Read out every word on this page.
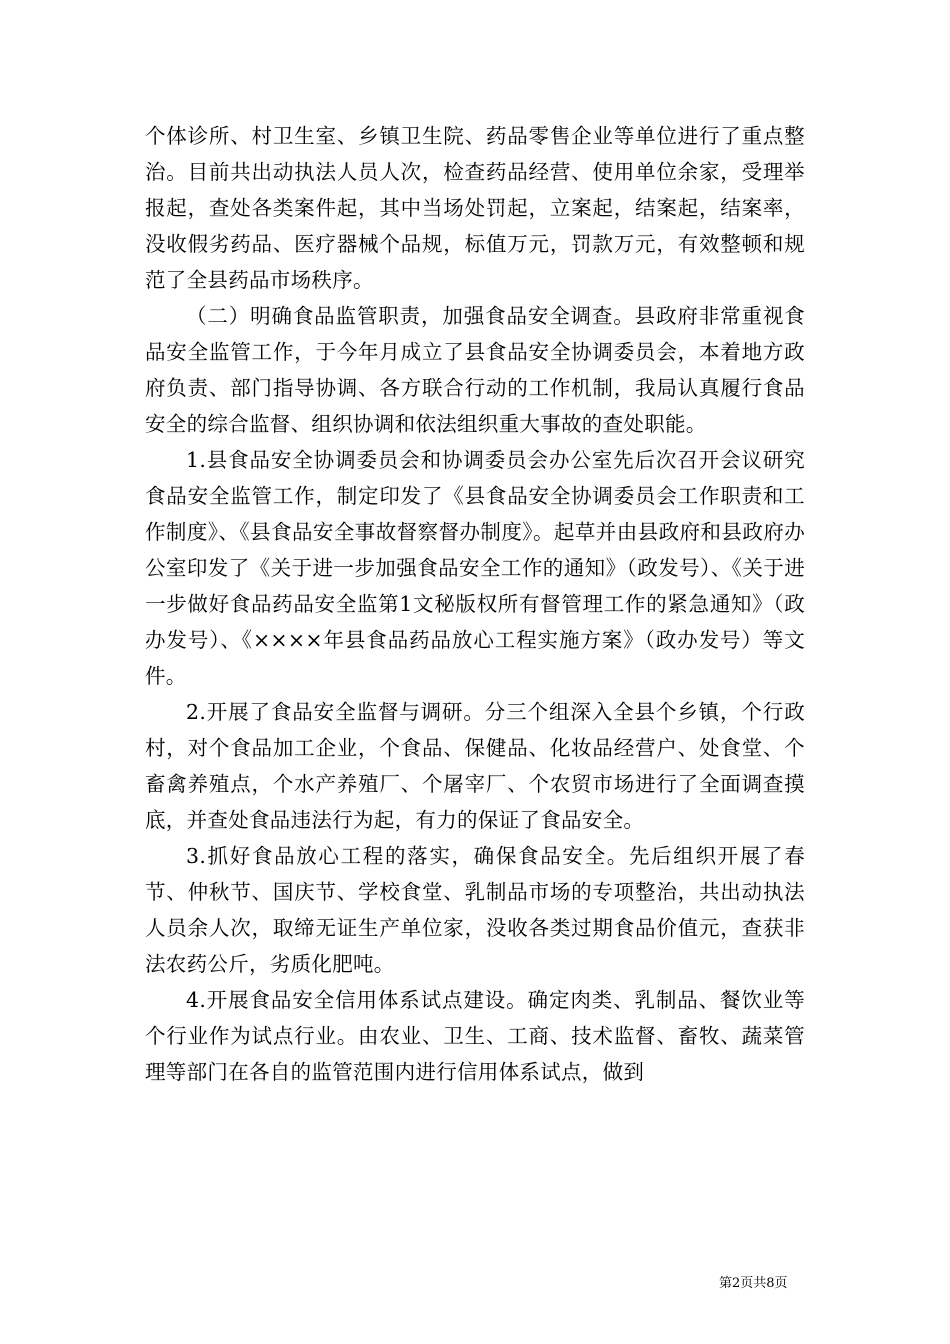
个体诊所、村卫生室、乡镇卫生院、药品零售企业等单位进行了重点整治。目前共出动执法人员人次，检查药品经营、使用单位余家，受理举报起，查处各类案件起，其中当场处罚起，立案起，结案起，结案率，没收假劣药品、医疗器械个品规，标值万元，罚款万元，有效整顿和规范了全县药品市场秩序。

（二）明确食品监管职责，加强食品安全调查。县政府非常重视食品安全监管工作，于今年月成立了县食品安全协调委员会，本着地方政府负责、部门指导协调、各方联合行动的工作机制，我局认真履行食品安全的综合监督、组织协调和依法组织重大事故的查处职能。

1.县食品安全协调委员会和协调委员会办公室先后次召开会议研究食品安全监管工作，制定印发了《县食品安全协调委员会工作职责和工作制度》、《县食品安全事故督察督办制度》。起草并由县政府和县政府办公室印发了《关于进一步加强食品安全工作的通知》（政发号）、《关于进一步做好食品药品安全监第1文秘版权所有督管理工作的紧急通知》（政办发号）、《××××年县食品药品放心工程实施方案》（政办发号）等文件。

2.开展了食品安全监督与调研。分三个组深入全县个乡镇，个行政村，对个食品加工企业，个食品、保健品、化妆品经营户、处食堂、个畜禽养殖点，个水产养殖厂、个屠宰厂、个农贸市场进行了全面调查摸底，并查处食品违法行为起，有力的保证了食品安全。

3.抓好食品放心工程的落实，确保食品安全。先后组织开展了春节、仲秋节、国庆节、学校食堂、乳制品市场的专项整治，共出动执法人员余人次，取缔无证生产单位家，没收各类过期食品价值元，查获非法农药公斤，劣质化肥吨。

4.开展食品安全信用体系试点建设。确定肉类、乳制品、餐饮业等个行业作为试点行业。由农业、卫生、工商、技术监督、畜牧、蔬菜管理等部门在各自的监管范围内进行信用体系试点，做到

第2页共8页
